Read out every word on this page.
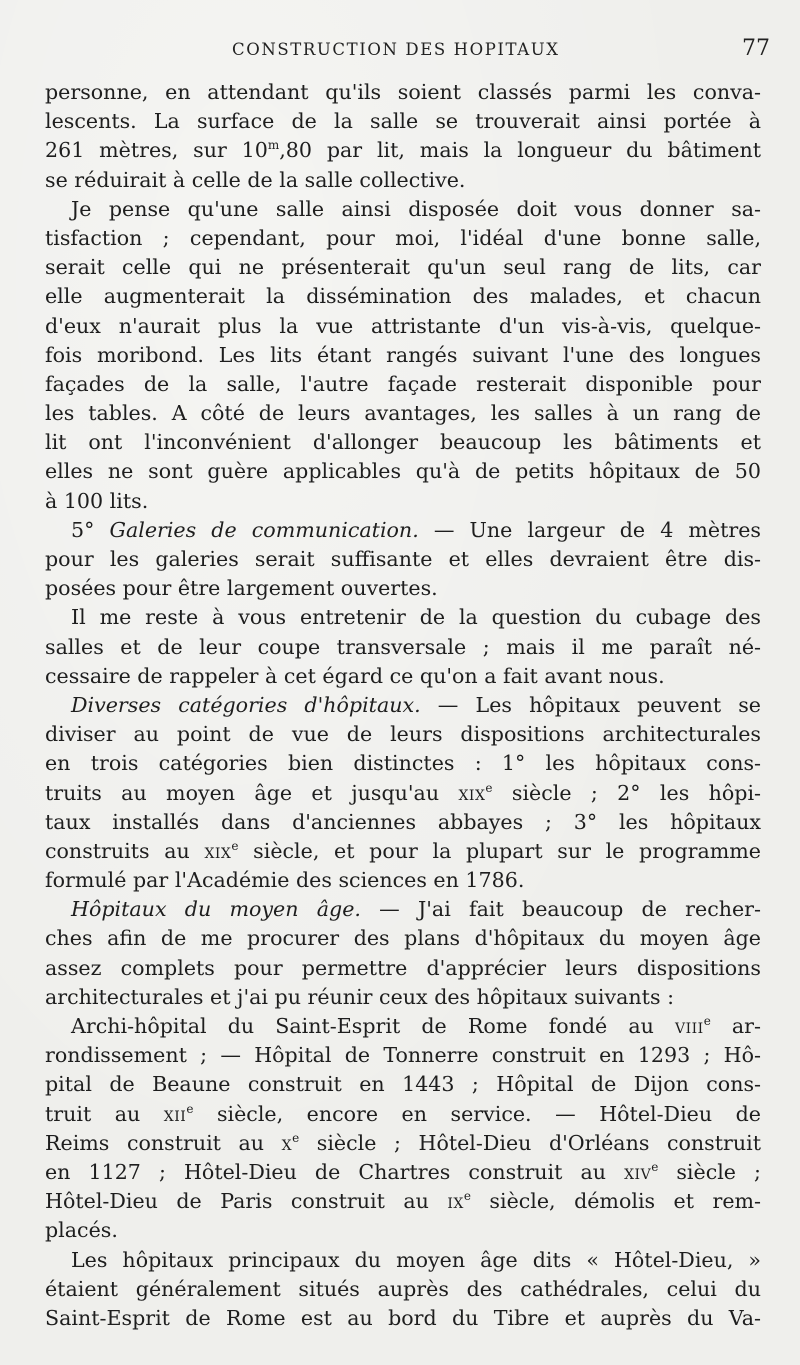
CONSTRUCTION DES HOPITAUX	77
personne, en attendant qu'ils soient classés parmi les conva-
lescents. La surface de la salle se trouverait ainsi portée à
261 mètres, sur 10$^m$,80 par lit, mais la longueur du bâtiment
se réduirait à celle de la salle collective.
Je pense qu'une salle ainsi disposée doit vous donner sa-
tisfaction ; cependant, pour moi, l'idéal d'une bonne salle,
serait celle qui ne présenterait qu'un seul rang de lits, car
elle augmenterait la dissémination des malades, et chacun
d'eux n'aurait plus la vue attristante d'un vis-à-vis, quelque-
fois moribond. Les lits étant rangés suivant l'une des longues
façades de la salle, l'autre façade resterait disponible pour
les tables. A côté de leurs avantages, les salles à un rang de
lit ont l'inconvénient d'allonger beaucoup les bâtiments et
elles ne sont guère applicables qu'à de petits hôpitaux de 50
à 100 lits.
5° Galeries de communication. — Une largeur de 4 mètres
pour les galeries serait suffisante et elles devraient être dis-
posées pour être largement ouvertes.
Il me reste à vous entretenir de la question du cubage des
salles et de leur coupe transversale ; mais il me paraît né-
cessaire de rappeler à cet égard ce qu'on a fait avant nous.
Diverses catégories d'hôpitaux. — Les hôpitaux peuvent se
diviser au point de vue de leurs dispositions architecturales
en trois catégories bien distinctes : 1° les hôpitaux cons-
truits au moyen âge et jusqu'au xix$^e$ siècle ; 2° les hôpi-
taux installés dans d'anciennes abbayes ; 3° les hôpitaux
construits au xix$^e$ siècle, et pour la plupart sur le programme
formulé par l'Académie des sciences en 1786.
Hôpitaux du moyen âge. — J'ai fait beaucoup de recher-
ches afin de me procurer des plans d'hôpitaux du moyen âge
assez complets pour permettre d'apprécier leurs dispositions
architecturales et j'ai pu réunir ceux des hôpitaux suivants :
Archi-hôpital du Saint-Esprit de Rome fondé au viii$^e$ ar-
rondissement ; — Hôpital de Tonnerre construit en 1293 ; Hô-
pital de Beaune construit en 1443 ; Hôpital de Dijon cons-
truit au xii$^e$ siècle, encore en service. — Hôtel-Dieu de
Reims construit au $x^e$ siècle ; Hôtel-Dieu d'Orléans construit
en 1127 ; Hôtel-Dieu de Chartres construit au xiv$^e$ siècle ;
Hôtel-Dieu de Paris construit au $ix^e$ siècle, démolis et rem-
placés.
Les hôpitaux principaux du moyen âge dits « Hôtel-Dieu, »
étaient généralement situés auprès des cathédrales, celui du
Saint-Esprit de Rome est au bord du Tibre et auprès du Va-
